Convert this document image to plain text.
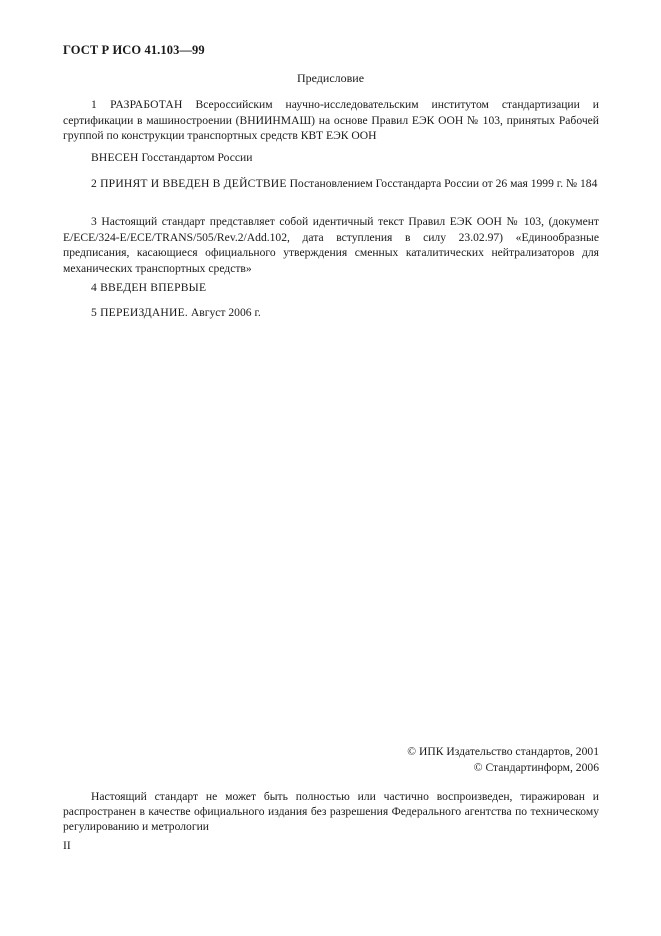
ГОСТ Р ИСО 41.103—99
Предисловие

1 РАЗРАБОТАН Всероссийским научно-исследовательским институтом стандартизации и сертификации в машиностроении (ВНИИНМАШ) на основе Правил ЕЭК ООН № 103, принятых Рабочей группой по конструкции транспортных средств КВТ ЕЭК ООН

ВНЕСЕН Госстандартом России

2 ПРИНЯТ И ВВЕДЕН В ДЕЙСТВИЕ Постановлением Госстандарта России от 26 мая 1999 г. № 184

3 Настоящий стандарт представляет собой идентичный текст Правил ЕЭК ООН № 103, (документ E/ECE/324-E/ECE/TRANS/505/Rev.2/Add.102, дата вступления в силу 23.02.97) «Единообразные предписания, касающиеся официального утверждения сменных каталитических нейтрализаторов для механических транспортных средств»

4 ВВЕДЕН ВПЕРВЫЕ

5 ПЕРЕИЗДАНИЕ. Август 2006 г.

© ИПК Издательство стандартов, 2001
© Стандартинформ, 2006

Настоящий стандарт не может быть полностью или частично воспроизведен, тиражирован и распространен в качестве официального издания без разрешения Федерального агентства по техническому регулированию и метрологии

II
